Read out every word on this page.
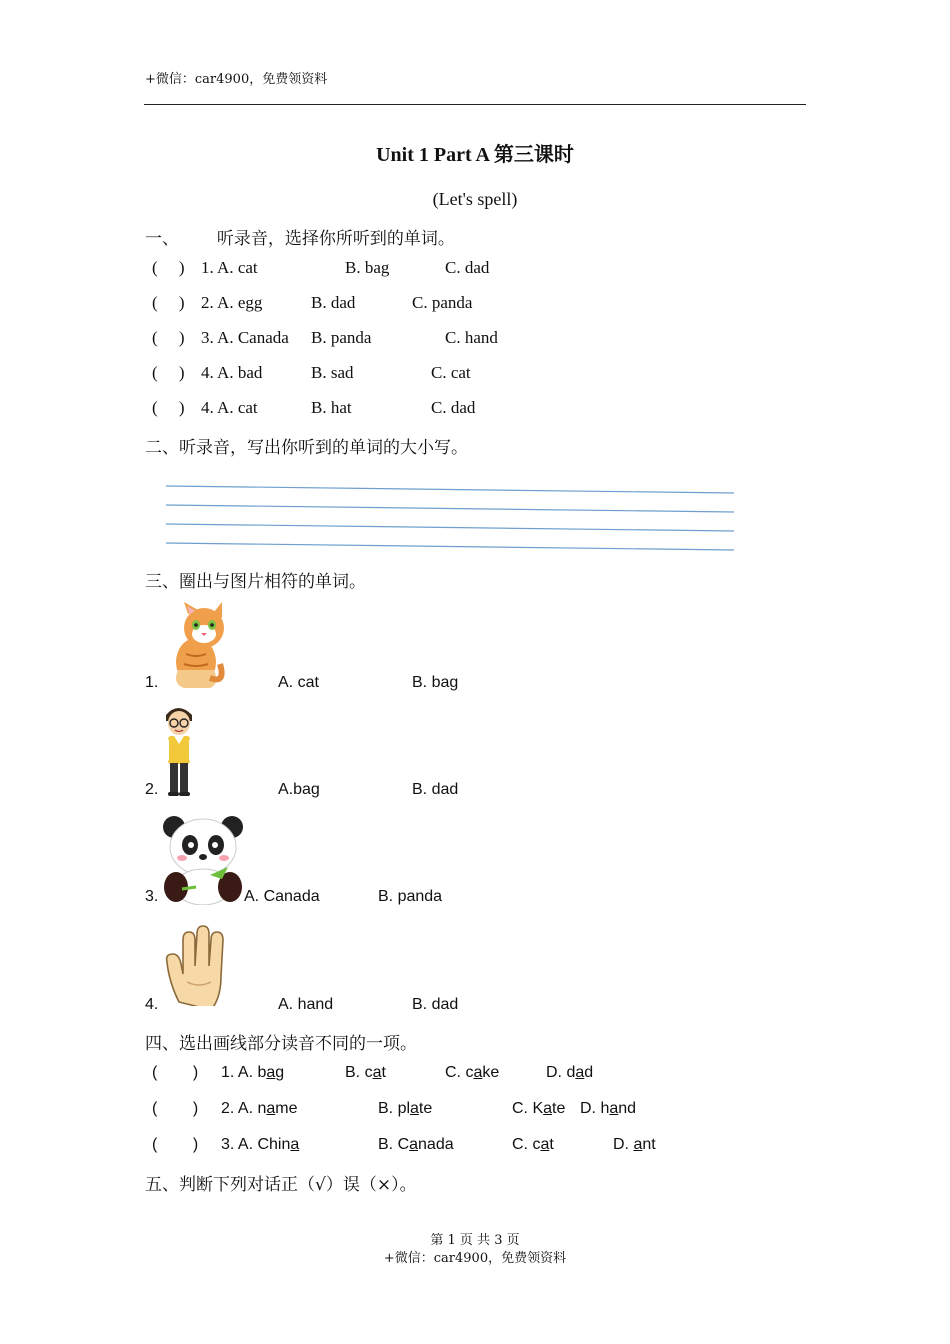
+微信：car4900，免费领资料
Unit 1 Part A 第三课时
(Let's spell)
一、       听录音，选择你所听到的单词。
(     ) 1. A. cat	B. bag	C. dad
(     ) 2. A. egg	B. dad	C. panda
(     ) 3. A. Canada B. panda	C. hand
(     ) 4. A. bad	B. sad	C. cat
(     ) 4. A. cat	B. hat	C. dad
二、听录音，写出你听到的单词的大小写。
三、圈出与图片相符的单词。
1.	A. cat	B. bag
2.	A.bag	B. dad
3.	A. Canada	B. panda
4.	A. hand	B. dad
四、选出画线部分读音不同的一项。
(        ) 1. A. bag	B. cat	C. cake	D. dad
(        ) 2. A. name	B. plate	C. Kate D. hand
(        ) 3. A. China	B. Canada	C. cat	D. ant
五、判断下列对话正（√）误（×）。
第 1 页 共 3 页
+微信：car4900，免费领资料
